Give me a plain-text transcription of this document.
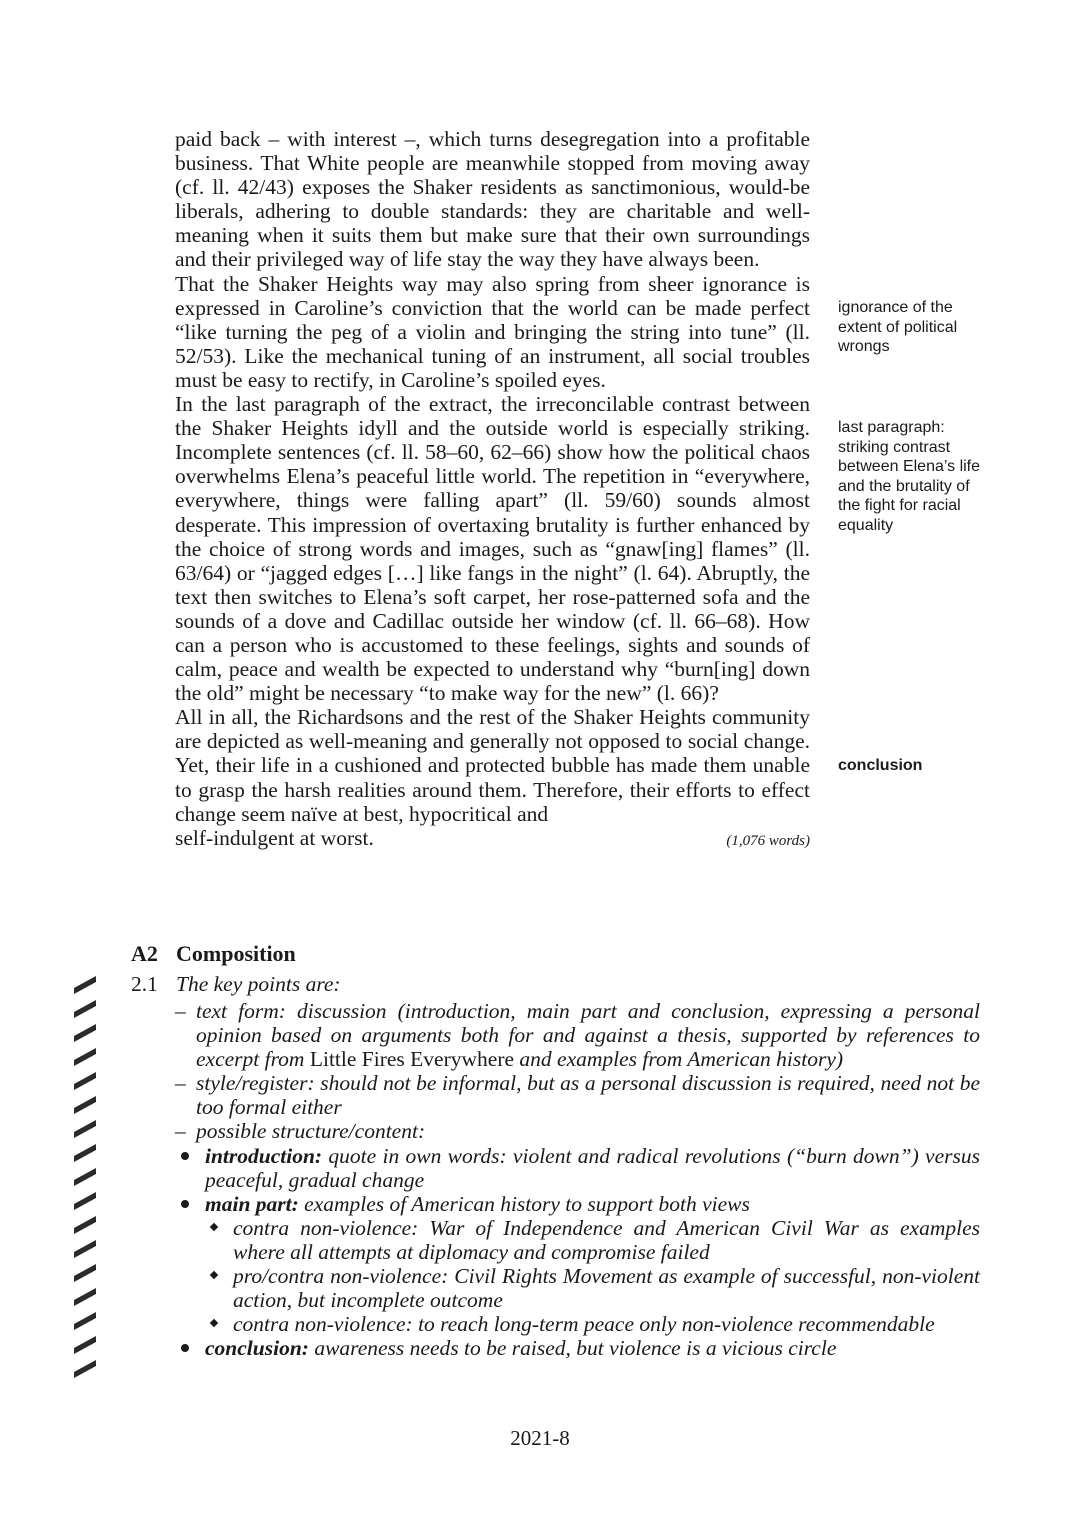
paid back – with interest –, which turns desegregation into a profitable business. That White people are meanwhile stopped from moving away (cf. ll. 42/43) exposes the Shaker residents as sanctimonious, would-be liberals, adhering to double standards: they are charitable and well-meaning when it suits them but make sure that their own surroundings and their privileged way of life stay the way they have always been.

That the Shaker Heights way may also spring from sheer ignorance is expressed in Caroline’s conviction that the world can be made perfect “like turning the peg of a violin and bringing the string into tune” (ll. 52/53). Like the mechanical tuning of an instrument, all social troubles must be easy to rectify, in Caroline’s spoiled eyes.

In the last paragraph of the extract, the irreconcilable contrast between the Shaker Heights idyll and the outside world is especially striking. Incomplete sentences (cf. ll. 58–60, 62–66) show how the political chaos overwhelms Elena’s peaceful little world. The repetition in “everywhere, everywhere, things were falling apart” (ll. 59/60) sounds almost desperate. This impression of overtaxing brutality is further enhanced by the choice of strong words and images, such as “gnaw[ing] flames” (ll. 63/64) or “jagged edges […] like fangs in the night” (l. 64). Abruptly, the text then switches to Elena’s soft carpet, her rose-patterned sofa and the sounds of a dove and Cadillac outside her window (cf. ll. 66–68). How can a person who is accustomed to these feelings, sights and sounds of calm, peace and wealth be expected to understand why “burn[ing] down the old” might be necessary “to make way for the new” (l. 66)?

All in all, the Richardsons and the rest of the Shaker Heights community are depicted as well-meaning and generally not opposed to social change. Yet, their life in a cushioned and protected bubble has made them unable to grasp the harsh realities around them. Therefore, their efforts to effect change seem naïve at best, hypocritical and

self-indulgent at worst.	(1,076 words)
ignorance of the extent of political wrongs
last paragraph: striking contrast between Elena’s life and the brutality of the fight for racial equality
conclusion
A2 Composition
2.1 The key points are:
– text form: discussion (introduction, main part and conclusion, expressing a personal opinion based on arguments both for and against a thesis, supported by references to excerpt from Little Fires Everywhere and examples from American history)
– style/register: should not be informal, but as a personal discussion is required, need not be too formal either
– possible structure/content:
introduction: quote in own words: violent and radical revolutions (“burn down”) versus peaceful, gradual change
main part: examples of American history to support both views
contra non-violence: War of Independence and American Civil War as examples where all attempts at diplomacy and compromise failed
pro/contra non-violence: Civil Rights Movement as example of successful, non-violent action, but incomplete outcome
contra non-violence: to reach long-term peace only non-violence recommendable
conclusion: awareness needs to be raised, but violence is a vicious circle
2021-8
